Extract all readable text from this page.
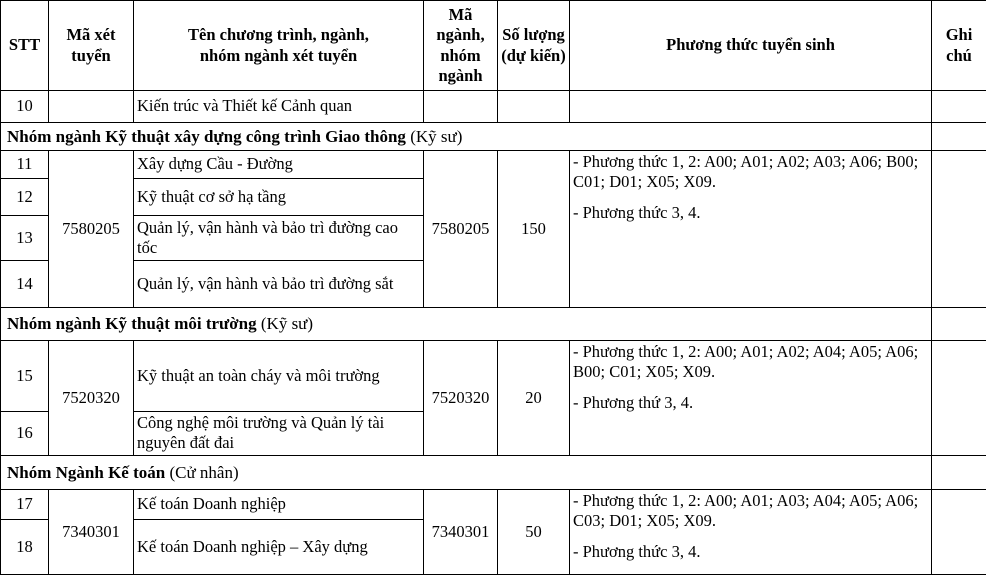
STT	Mã xét tuyển	Tên chương trình, ngành,
nhóm ngành xét tuyển	Mã ngành, nhóm ngành	Số lượng (dự kiến)	Phương thức tuyển sinh	Ghi chú
10		Kiến trúc và Thiết kế Cảnh quan				
Nhóm ngành Kỹ thuật xây dựng công trình Giao thông (Kỹ sư)						
11	7580205	Xây dựng Cầu - Đường	7580205	150	- Phương thức 1, 2: A00; A01; A02; A03; A06; B00; C01; D01; X05; X09.

- Phương thức 3, 4.	

12		Kỹ thuật cơ sở hạ tầng				
13		Quản lý, vận hành và bảo trì đường cao tốc				
14		Quản lý, vận hành và bảo trì đường sắt				
Nhóm ngành Kỹ thuật môi trường (Kỹ sư)						
15	7520320	Kỹ thuật an toàn cháy và môi trường	7520320	20	- Phương thức 1, 2: A00; A01; A02; A04; A05; A06; B00; C01; X05; X09.

- Phương thứ 3, 4.	

16		Công nghệ môi trường và Quản lý tài nguyên đất đai				
Nhóm Ngành Kế toán (Cử nhân)						
17	7340301	Kế toán Doanh nghiệp	7340301	50	- Phương thức 1, 2: A00; A01; A03; A04; A05; A06; C03; D01; X05; X09.

- Phương thức 3, 4.	

18		Kế toán Doanh nghiệp – Xây dựng				
